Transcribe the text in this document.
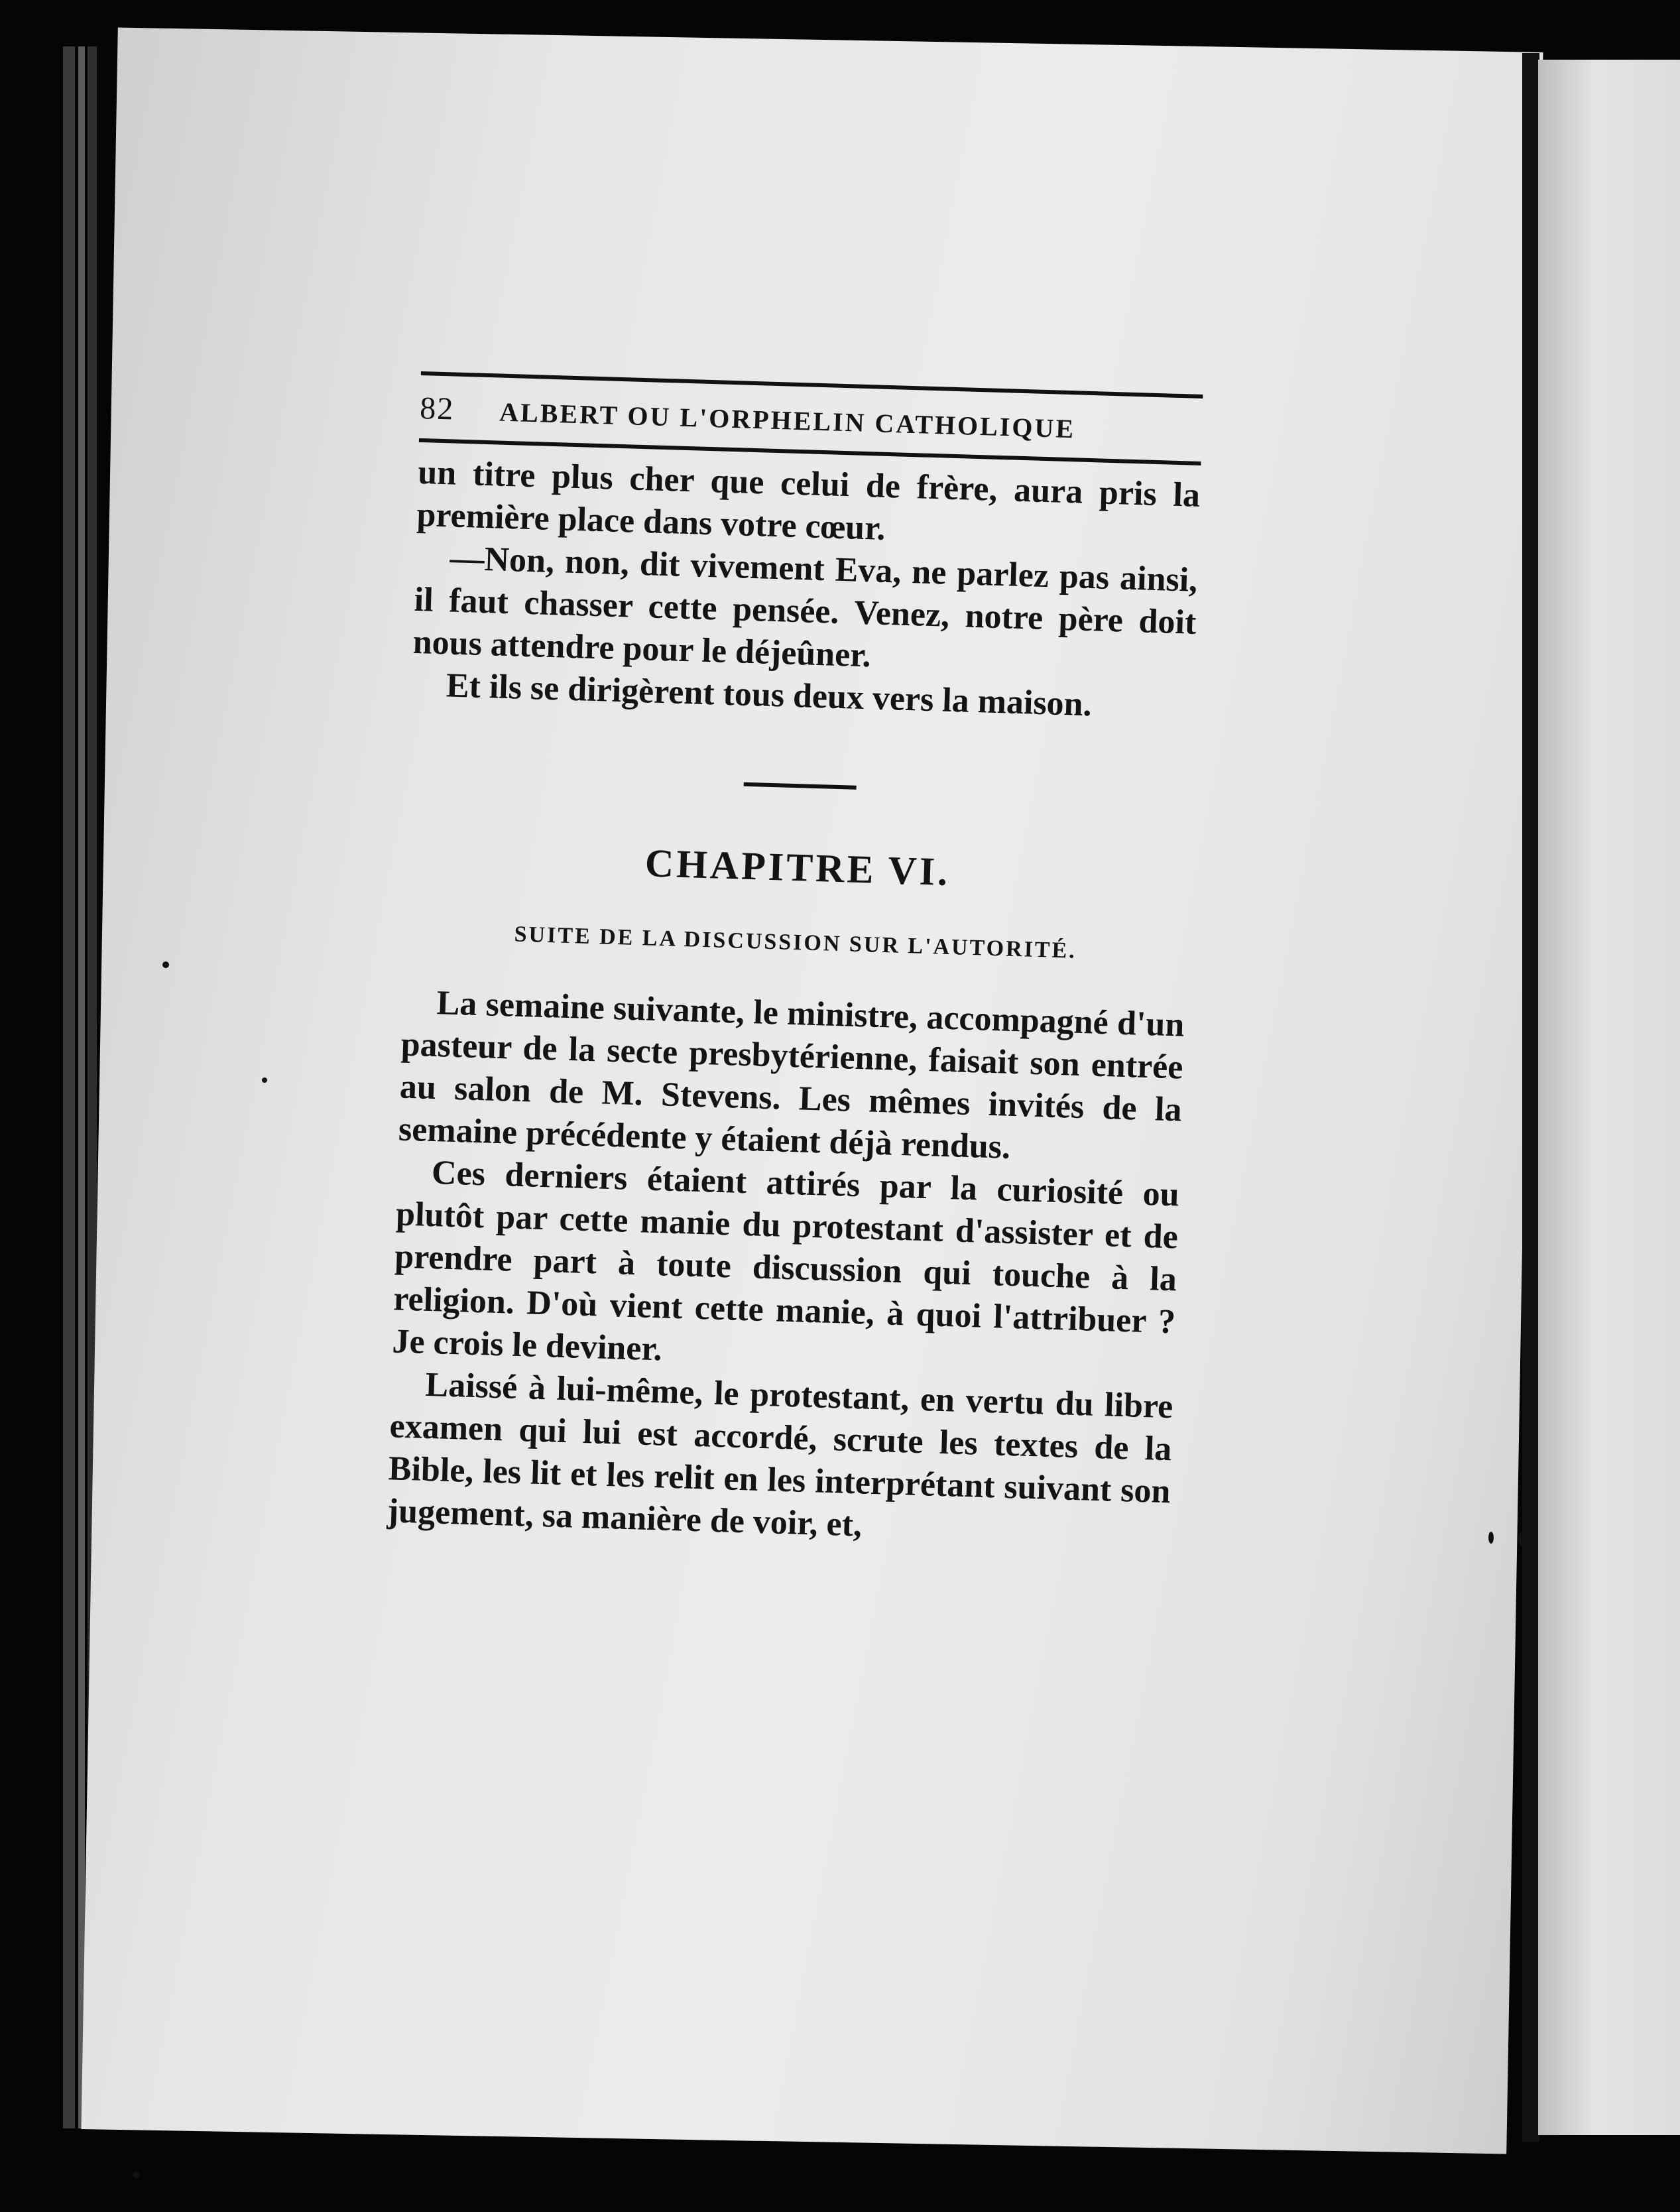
82	ALBERT OU L'ORPHELIN CATHOLIQUE

un titre plus cher que celui de frère, aura pris la première place dans votre cœur.

—Non, non, dit vivement Eva, ne parlez pas ainsi, il faut chasser cette pensée. Venez, notre père doit nous attendre pour le déjeûner.

Et ils se dirigèrent tous deux vers la maison.

CHAPITRE VI.
SUITE DE LA DISCUSSION SUR L'AUTORITÉ.

La semaine suivante, le ministre, accompagné d'un pasteur de la secte presbytérienne, faisait son entrée au salon de M. Stevens. Les mêmes invités de la semaine précédente y étaient déjà rendus.

Ces derniers étaient attirés par la curiosité ou plutôt par cette manie du protestant d'assister et de prendre part à toute discussion qui touche à la religion. D'où vient cette manie, à quoi l'attribuer ? Je crois le deviner.

Laissé à lui-même, le protestant, en vertu du libre examen qui lui est accordé, scrute les textes de la Bible, les lit et les relit en les interprétant suivant son jugement, sa manière de voir, et,
